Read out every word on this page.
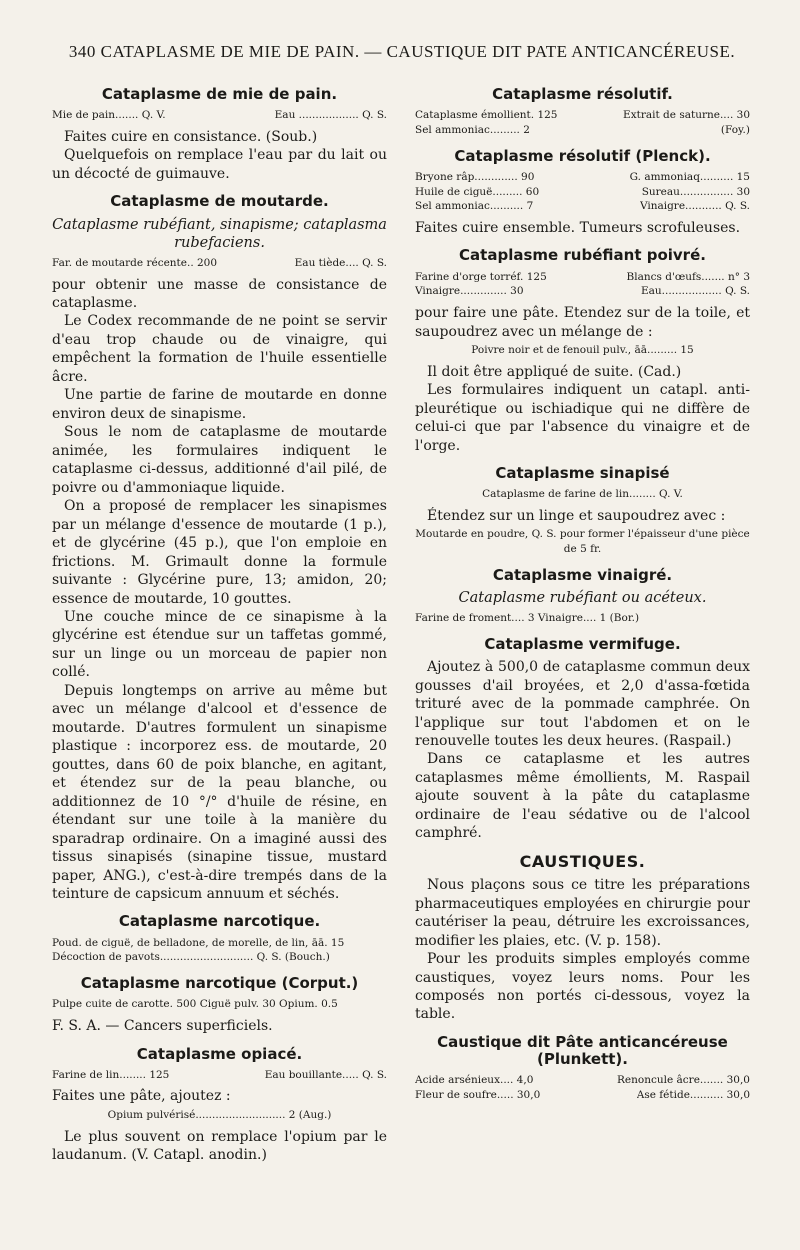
340 CATAPLASME DE MIE DE PAIN. — CAUSTIQUE DIT PATE ANTICANCÉREUSE.
Cataplasme de mie de pain.
Mie de pain....... Q. V.	Eau .................. Q. S.

Faites cuire en consistance. (Soub.)

Quelquefois on remplace l'eau par du lait ou un décocté de guimauve.

Cataplasme de moutarde.
Cataplasme rubéfiant, sinapisme; cataplasma rubefaciens.
Far. de moutarde récente.. 200	Eau tiède.... Q. S.

pour obtenir une masse de consistance de cataplasme.

Le Codex recommande de ne point se servir d'eau trop chaude ou de vinaigre, qui empêchent la formation de l'huile essentielle âcre.

Une partie de farine de moutarde en donne environ deux de sinapisme.

Sous le nom de cataplasme de moutarde animée, les formulaires indiquent le cataplasme ci-dessus, additionné d'ail pilé, de poivre ou d'ammoniaque liquide.

On a proposé de remplacer les sinapismes par un mélange d'essence de moutarde (1 p.), et de glycérine (45 p.), que l'on emploie en frictions. M. Grimault donne la formule suivante : Glycérine pure, 13; amidon, 20; essence de moutarde, 10 gouttes.

Une couche mince de ce sinapisme à la glycérine est étendue sur un taffetas gommé, sur un linge ou un morceau de papier non collé.

Depuis longtemps on arrive au même but avec un mélange d'alcool et d'essence de moutarde. D'autres formulent un sinapisme plastique : incorporez ess. de moutarde, 20 gouttes, dans 60 de poix blanche, en agitant, et étendez sur de la peau blanche, ou additionnez de 10 °/° d'huile de résine, en étendant sur une toile à la manière du sparadrap ordinaire. On a imaginé aussi des tissus sinapisés (sinapine tissue, mustard paper, ANG.), c'est-à-dire trempés dans de la teinture de capsicum annuum et séchés.

Cataplasme narcotique.
Poud. de ciguë, de belladone, de morelle, de lin, āā. 15
Décoction de pavots............................ Q. S. (Bouch.)
Cataplasme narcotique (Corput.)
Pulpe cuite de carotte. 500 Ciguë pulv. 30 Opium. 0.5

F. S. A. — Cancers superficiels.

Cataplasme opiacé.
Farine de lin........ 125	Eau bouillante..... Q. S.

Faites une pâte, ajoutez :

Opium pulvérisé........................... 2 (Aug.)

Le plus souvent on remplace l'opium par le laudanum. (V. Catapl. anodin.)

Cataplasme résolutif.
Cataplasme émollient. 125	Extrait de saturne.... 30
Sel ammoniac......... 2	(Foy.)
Cataplasme résolutif (Plenck).
Bryone râp............. 90	G. ammoniaq.......... 15
Huile de ciguë......... 60	Sureau................ 30
Sel ammoniac.......... 7	Vinaigre........... Q. S.

Faites cuire ensemble. Tumeurs scrofuleuses.

Cataplasme rubéfiant poivré.
Farine d'orge torréf. 125	Blancs d'œufs....... n° 3
Vinaigre.............. 30	Eau.................. Q. S.

pour faire une pâte. Etendez sur de la toile, et saupoudrez avec un mélange de :

Poivre noir et de fenouil pulv., āā......... 15

Il doit être appliqué de suite. (Cad.)

Les formulaires indiquent un catapl. anti-pleurétique ou ischiadique qui ne diffère de celui-ci que par l'absence du vinaigre et de l'orge.

Cataplasme sinapisé
Cataplasme de farine de lin........ Q. V.

Étendez sur un linge et saupoudrez avec :

Moutarde en poudre, Q. S. pour former l'épaisseur d'une pièce de 5 fr.
Cataplasme vinaigré.
Cataplasme rubéfiant ou acéteux.
Farine de froment.... 3 Vinaigre.... 1 (Bor.)
Cataplasme vermifuge.

Ajoutez à 500,0 de cataplasme commun deux gousses d'ail broyées, et 2,0 d'assa-fœtida trituré avec de la pommade camphrée. On l'applique sur tout l'abdomen et on le renouvelle toutes les deux heures. (Raspail.)

Dans ce cataplasme et les autres cataplasmes même émollients, M. Raspail ajoute souvent à la pâte du cataplasme ordinaire de l'eau sédative ou de l'alcool camphré.

CAUSTIQUES.

Nous plaçons sous ce titre les préparations pharmaceutiques employées en chirurgie pour cautériser la peau, détruire les excroissances, modifier les plaies, etc. (V. p. 158).

Pour les produits simples employés comme caustiques, voyez leurs noms. Pour les composés non portés ci-dessous, voyez la table.

Caustique dit Pâte anticancéreuse (Plunkett).
Acide arsénieux.... 4,0	Renoncule âcre....... 30,0
Fleur de soufre..... 30,0	Ase fétide.......... 30,0
